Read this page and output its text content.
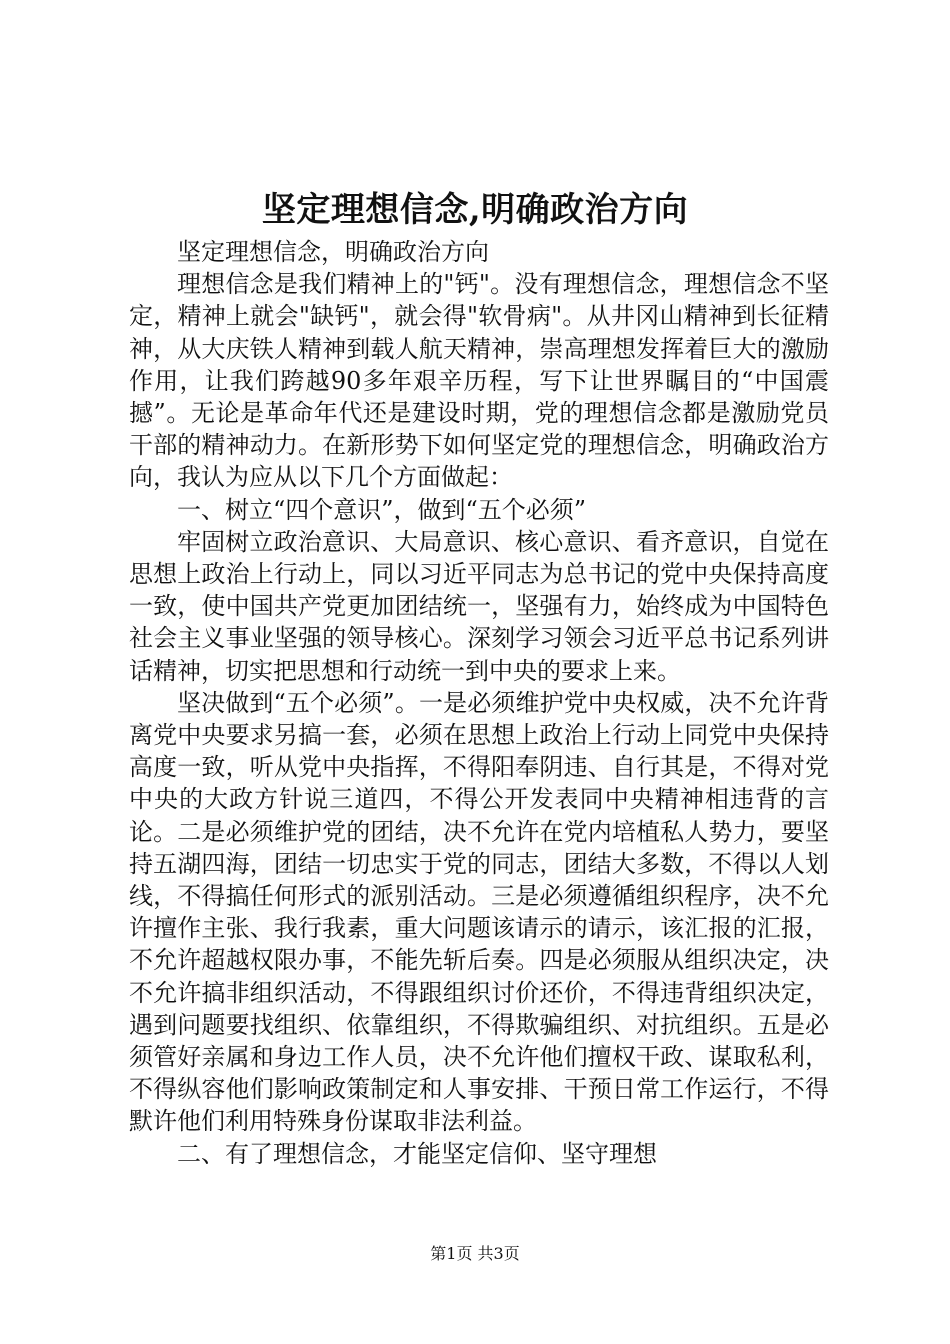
坚定理想信念,明确政治方向

坚定理想信念，明确政治方向

理想信念是我们精神上的"钙"。没有理想信念，理想信念不坚定，精神上就会"缺钙"，就会得"软骨病"。从井冈山精神到长征精神，从大庆铁人精神到载人航天精神，崇高理想发挥着巨大的激励作用，让我们跨越90多年艰辛历程，写下让世界瞩目的“中国震撼”。无论是革命年代还是建设时期，党的理想信念都是激励党员干部的精神动力。在新形势下如何坚定党的理想信念，明确政治方向，我认为应从以下几个方面做起：

一、树立“四个意识”，做到“五个必须”

牢固树立政治意识、大局意识、核心意识、看齐意识，自觉在思想上政治上行动上，同以习近平同志为总书记的党中央保持高度一致，使中国共产党更加团结统一，坚强有力，始终成为中国特色社会主义事业坚强的领导核心。深刻学习领会习近平总书记系列讲话精神，切实把思想和行动统一到中央的要求上来。

坚决做到“五个必须”。一是必须维护党中央权威，决不允许背离党中央要求另搞一套，必须在思想上政治上行动上同党中央保持高度一致，听从党中央指挥，不得阳奉阴违、自行其是，不得对党中央的大政方针说三道四，不得公开发表同中央精神相违背的言论。二是必须维护党的团结，决不允许在党内培植私人势力，要坚持五湖四海，团结一切忠实于党的同志，团结大多数，不得以人划线，不得搞任何形式的派别活动。三是必须遵循组织程序，决不允许擅作主张、我行我素，重大问题该请示的请示，该汇报的汇报，不允许超越权限办事，不能先斩后奏。四是必须服从组织决定，决不允许搞非组织活动，不得跟组织讨价还价，不得违背组织决定，遇到问题要找组织、依靠组织，不得欺骗组织、对抗组织。五是必须管好亲属和身边工作人员，决不允许他们擅权干政、谋取私利，不得纵容他们影响政策制定和人事安排、干预日常工作运行，不得默许他们利用特殊身份谋取非法利益。

二、有了理想信念，才能坚定信仰、坚守理想

第1页 共3页
